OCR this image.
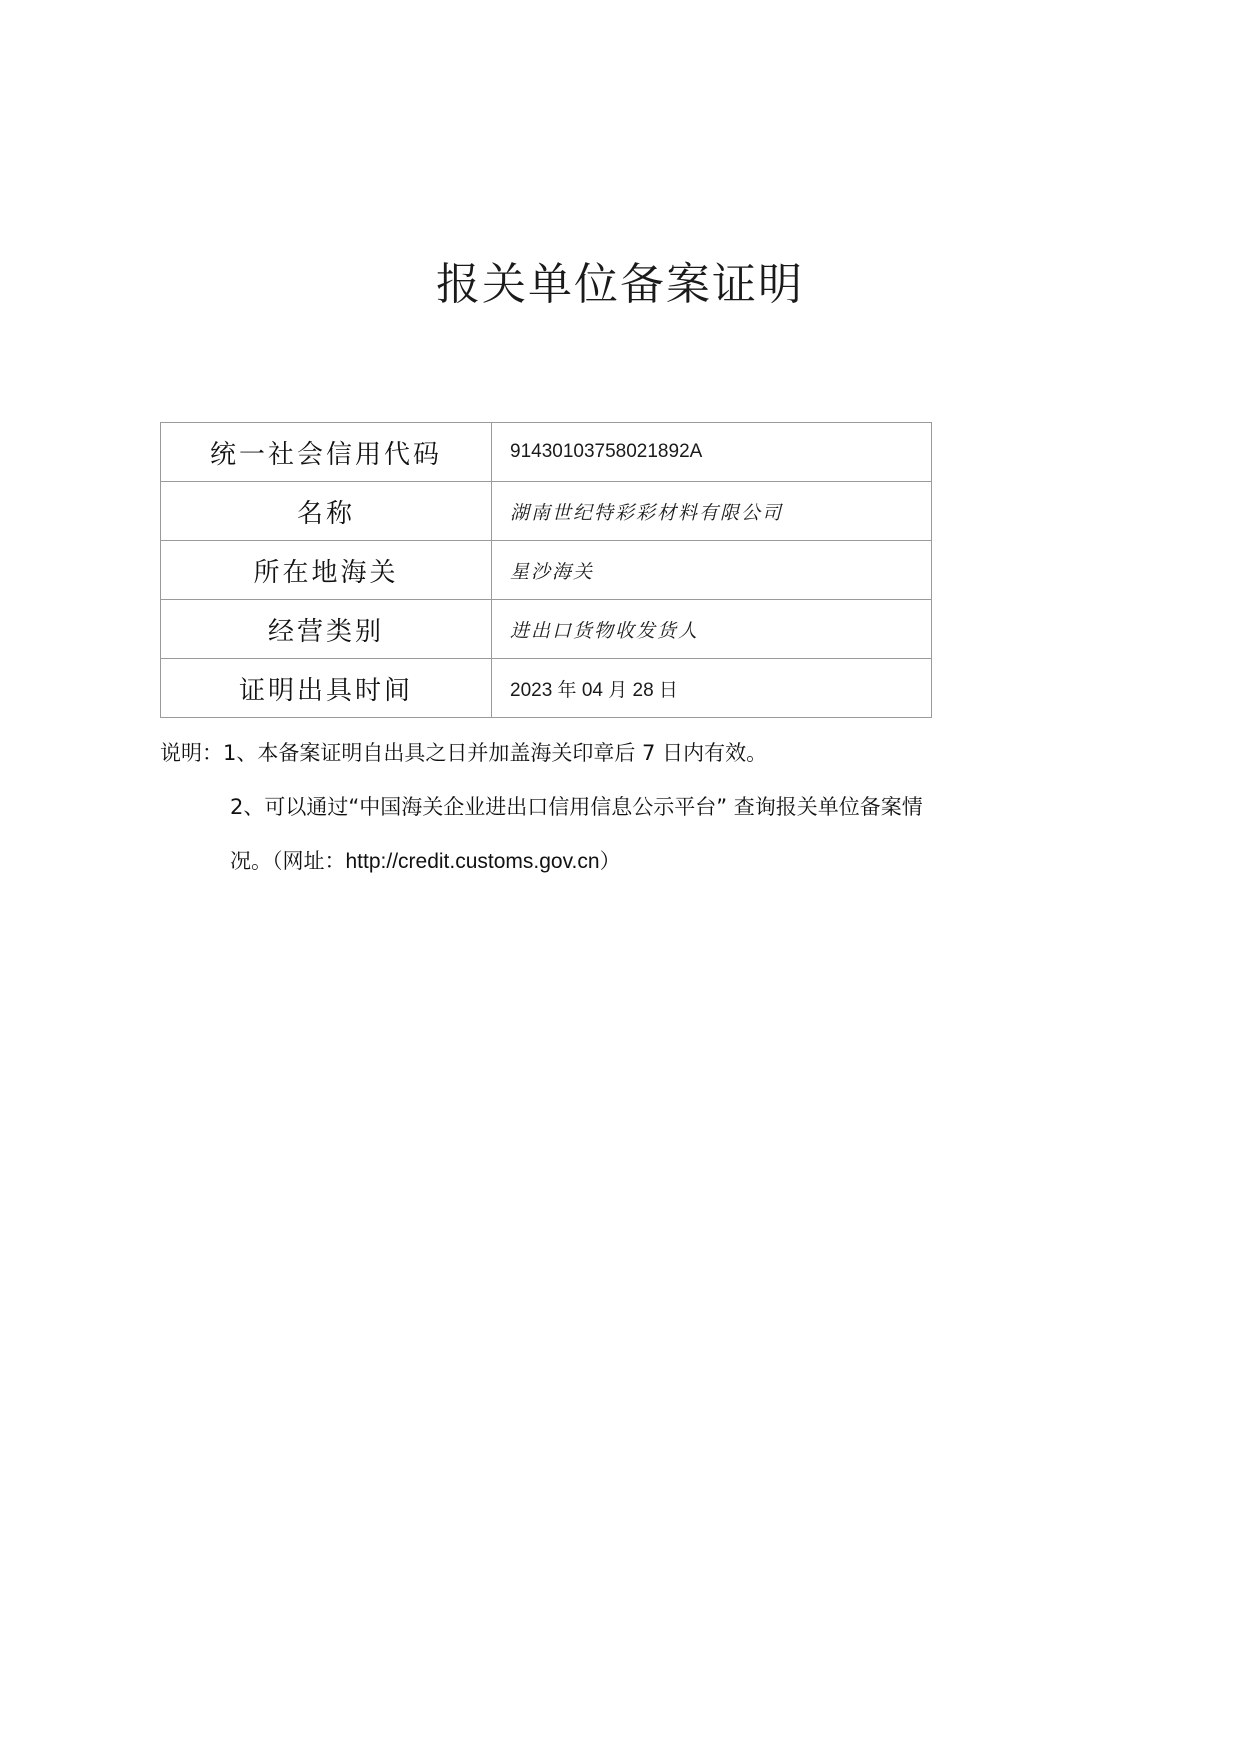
报关单位备案证明
统一社会信用代码	91430103758021892A
名称	湖南世纪特彩彩材料有限公司
所在地海关	星沙海关
经营类别	进出口货物收发货人
证明出具时间	2023 年 04 月 28 日
说明：1、本备案证明自出具之日并加盖海关印章后 7 日内有效。
2、可以通过“中国海关企业进出口信用信息公示平台” 查询报关单位备案情况。（网址：http://credit.customs.gov.cn）
